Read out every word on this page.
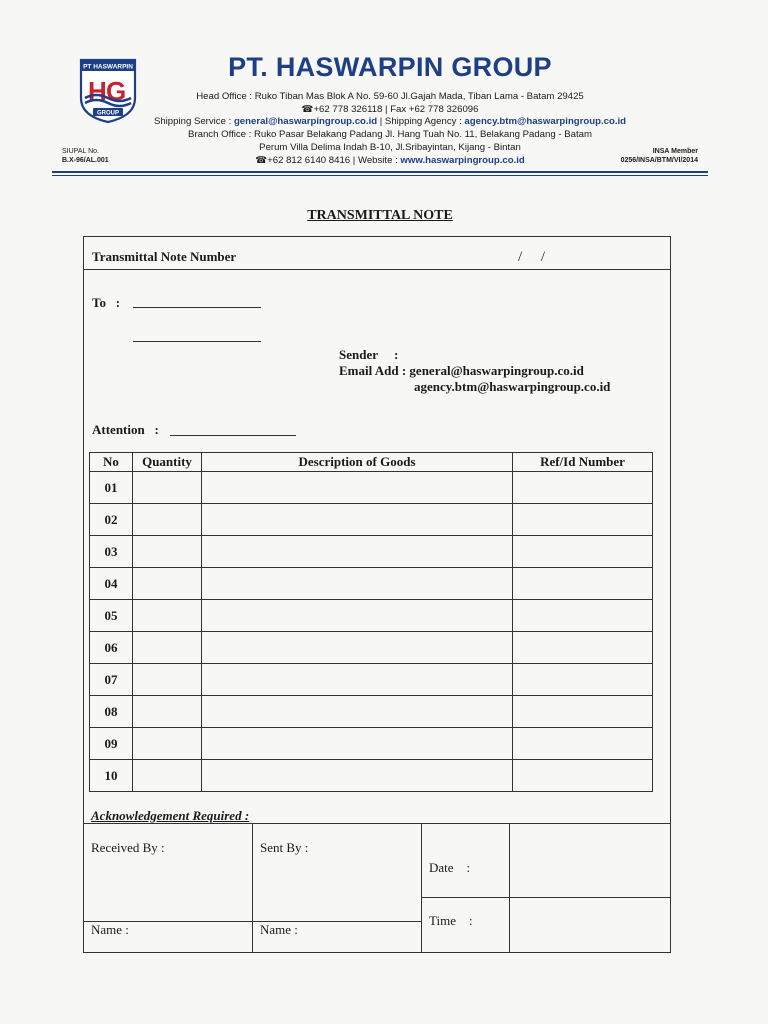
PT HASWARPIN
H G
GROUP
PT. HASWARPIN GROUP
Head Office : Ruko Tiban Mas Blok A No. 59-60 Jl.Gajah Mada, Tiban Lama - Batam 29425
☎+62 778 326118 | Fax +62 778 326096
Shipping Service : general@haswarpingroup.co.id | Shipping Agency : agency.btm@haswarpingroup.co.id
Branch Office : Ruko Pasar Belakang Padang Jl. Hang Tuah No. 11, Belakang Padang - Batam
Perum Villa Delima Indah B-10, Jl.Sribayintan, Kijang - Bintan
☎+62 812 6140 8416 | Website : www.haswarpingroup.co.id
SIUPAL No.
B.X-96/AL.001
INSA Member
0256/INSA/BTM/VI/2014
TRANSMITTAL NOTE
Transmittal Note Number	/     /
To   :
Sender     :
Email Add : general@haswarpingroup.co.id
agency.btm@haswarpingroup.co.id
Attention   :
No	Quantity	Description of Goods	Ref/Id Number
01			
02			
03			
04			
05			
06			
07			
08			
09			
10			
Acknowledgement Required :
Received By :	Sent By :
Date    :
Time    :
Name :	Name :
